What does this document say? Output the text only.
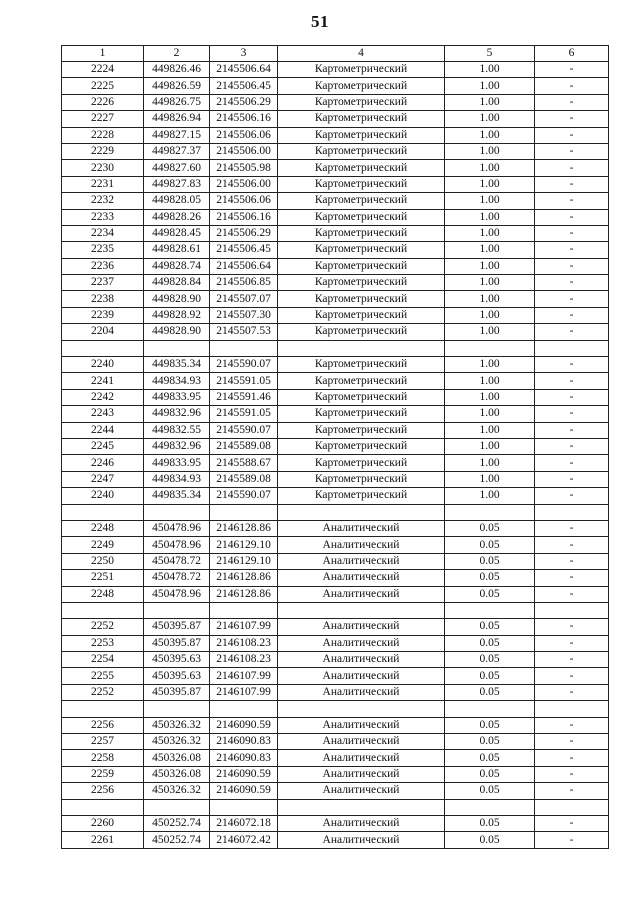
51
1	2	3	4	5	6
2224	449826.46	2145506.64	Картометрический	1.00	-
2225	449826.59	2145506.45	Картометрический	1.00	-
2226	449826.75	2145506.29	Картометрический	1.00	-
2227	449826.94	2145506.16	Картометрический	1.00	-
2228	449827.15	2145506.06	Картометрический	1.00	-
2229	449827.37	2145506.00	Картометрический	1.00	-
2230	449827.60	2145505.98	Картометрический	1.00	-
2231	449827.83	2145506.00	Картометрический	1.00	-
2232	449828.05	2145506.06	Картометрический	1.00	-
2233	449828.26	2145506.16	Картометрический	1.00	-
2234	449828.45	2145506.29	Картометрический	1.00	-
2235	449828.61	2145506.45	Картометрический	1.00	-
2236	449828.74	2145506.64	Картометрический	1.00	-
2237	449828.84	2145506.85	Картометрический	1.00	-
2238	449828.90	2145507.07	Картометрический	1.00	-
2239	449828.92	2145507.30	Картометрический	1.00	-
2204	449828.90	2145507.53	Картометрический	1.00	-

2240	449835.34	2145590.07	Картометрический	1.00	-
2241	449834.93	2145591.05	Картометрический	1.00	-
2242	449833.95	2145591.46	Картометрический	1.00	-
2243	449832.96	2145591.05	Картометрический	1.00	-
2244	449832.55	2145590.07	Картометрический	1.00	-
2245	449832.96	2145589.08	Картометрический	1.00	-
2246	449833.95	2145588.67	Картометрический	1.00	-
2247	449834.93	2145589.08	Картометрический	1.00	-
2240	449835.34	2145590.07	Картометрический	1.00	-

2248	450478.96	2146128.86	Аналитический	0.05	-
2249	450478.96	2146129.10	Аналитический	0.05	-
2250	450478.72	2146129.10	Аналитический	0.05	-
2251	450478.72	2146128.86	Аналитический	0.05	-
2248	450478.96	2146128.86	Аналитический	0.05	-

2252	450395.87	2146107.99	Аналитический	0.05	-
2253	450395.87	2146108.23	Аналитический	0.05	-
2254	450395.63	2146108.23	Аналитический	0.05	-
2255	450395.63	2146107.99	Аналитический	0.05	-
2252	450395.87	2146107.99	Аналитический	0.05	-

2256	450326.32	2146090.59	Аналитический	0.05	-
2257	450326.32	2146090.83	Аналитический	0.05	-
2258	450326.08	2146090.83	Аналитический	0.05	-
2259	450326.08	2146090.59	Аналитический	0.05	-
2256	450326.32	2146090.59	Аналитический	0.05	-

2260	450252.74	2146072.18	Аналитический	0.05	-
2261	450252.74	2146072.42	Аналитический	0.05	-
